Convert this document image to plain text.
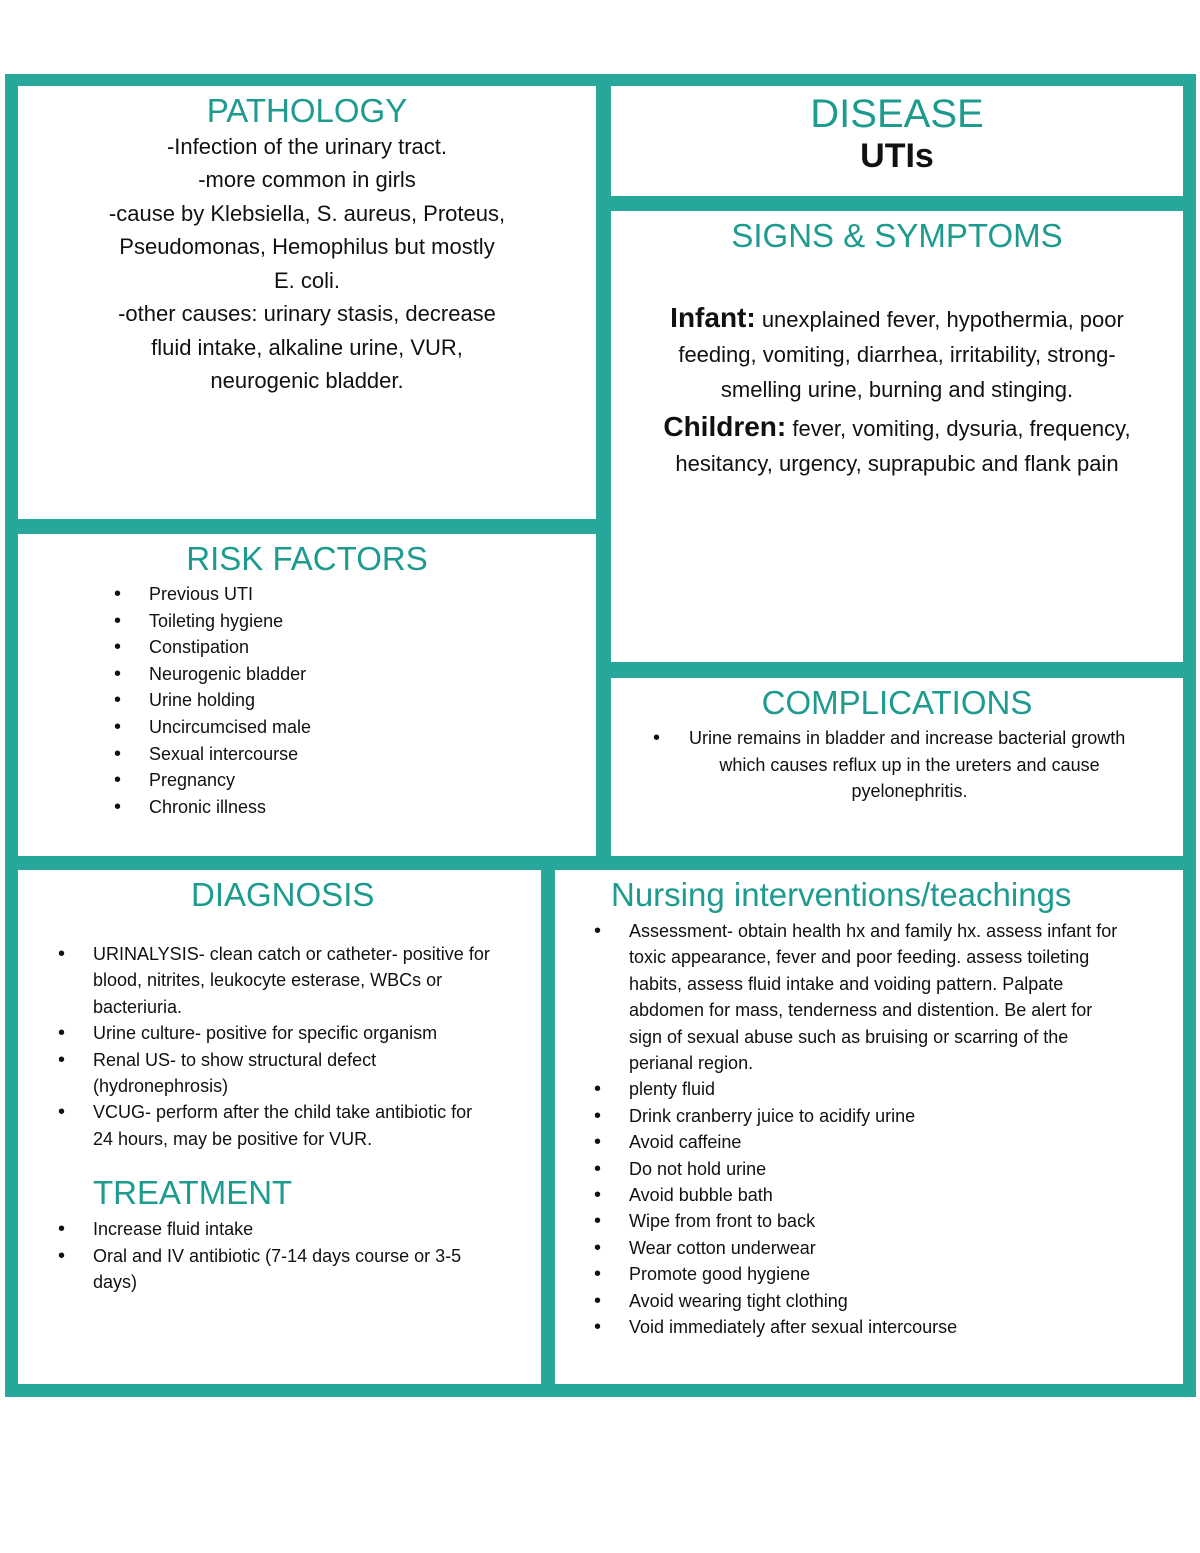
PATHOLOGY
-Infection of the urinary tract.
-more common in girls
-cause by Klebsiella, S. aureus, Proteus,
Pseudomonas, Hemophilus but mostly
E. coli.
-other causes: urinary stasis, decrease
fluid intake, alkaline urine, VUR,
neurogenic bladder.
DISEASE
UTIs
SIGNS & SYMPTOMS
Infant: unexplained fever, hypothermia, poor
feeding, vomiting, diarrhea, irritability, strong-
smelling urine, burning and stinging.
Children: fever, vomiting, dysuria, frequency,
hesitancy, urgency, suprapubic and flank pain
RISK FACTORS
• Previous UTI
• Toileting hygiene
• Constipation
• Neurogenic bladder
• Urine holding
• Uncircumcised male
• Sexual intercourse
• Pregnancy
• Chronic illness
COMPLICATIONS
• Urine remains in bladder and increase bacterial growth
which causes reflux up in the ureters and cause
pyelonephritis.
DIAGNOSIS
• URINALYSIS- clean catch or catheter- positive for
blood, nitrites, leukocyte esterase, WBCs or
bacteriuria.
• Urine culture- positive for specific organism
• Renal US- to show structural defect
(hydronephrosis)
• VCUG- perform after the child take antibiotic for
24 hours, may be positive for VUR.
TREATMENT
• Increase fluid intake
• Oral and IV antibiotic (7-14 days course or 3-5
days)
Nursing interventions/teachings
• Assessment- obtain health hx and family hx. assess infant for
toxic appearance, fever and poor feeding. assess toileting
habits, assess fluid intake and voiding pattern. Palpate
abdomen for mass, tenderness and distention. Be alert for
sign of sexual abuse such as bruising or scarring of the
perianal region.
• plenty fluid
• Drink cranberry juice to acidify urine
• Avoid caffeine
• Do not hold urine
• Avoid bubble bath
• Wipe from front to back
• Wear cotton underwear
• Promote good hygiene
• Avoid wearing tight clothing
• Void immediately after sexual intercourse
